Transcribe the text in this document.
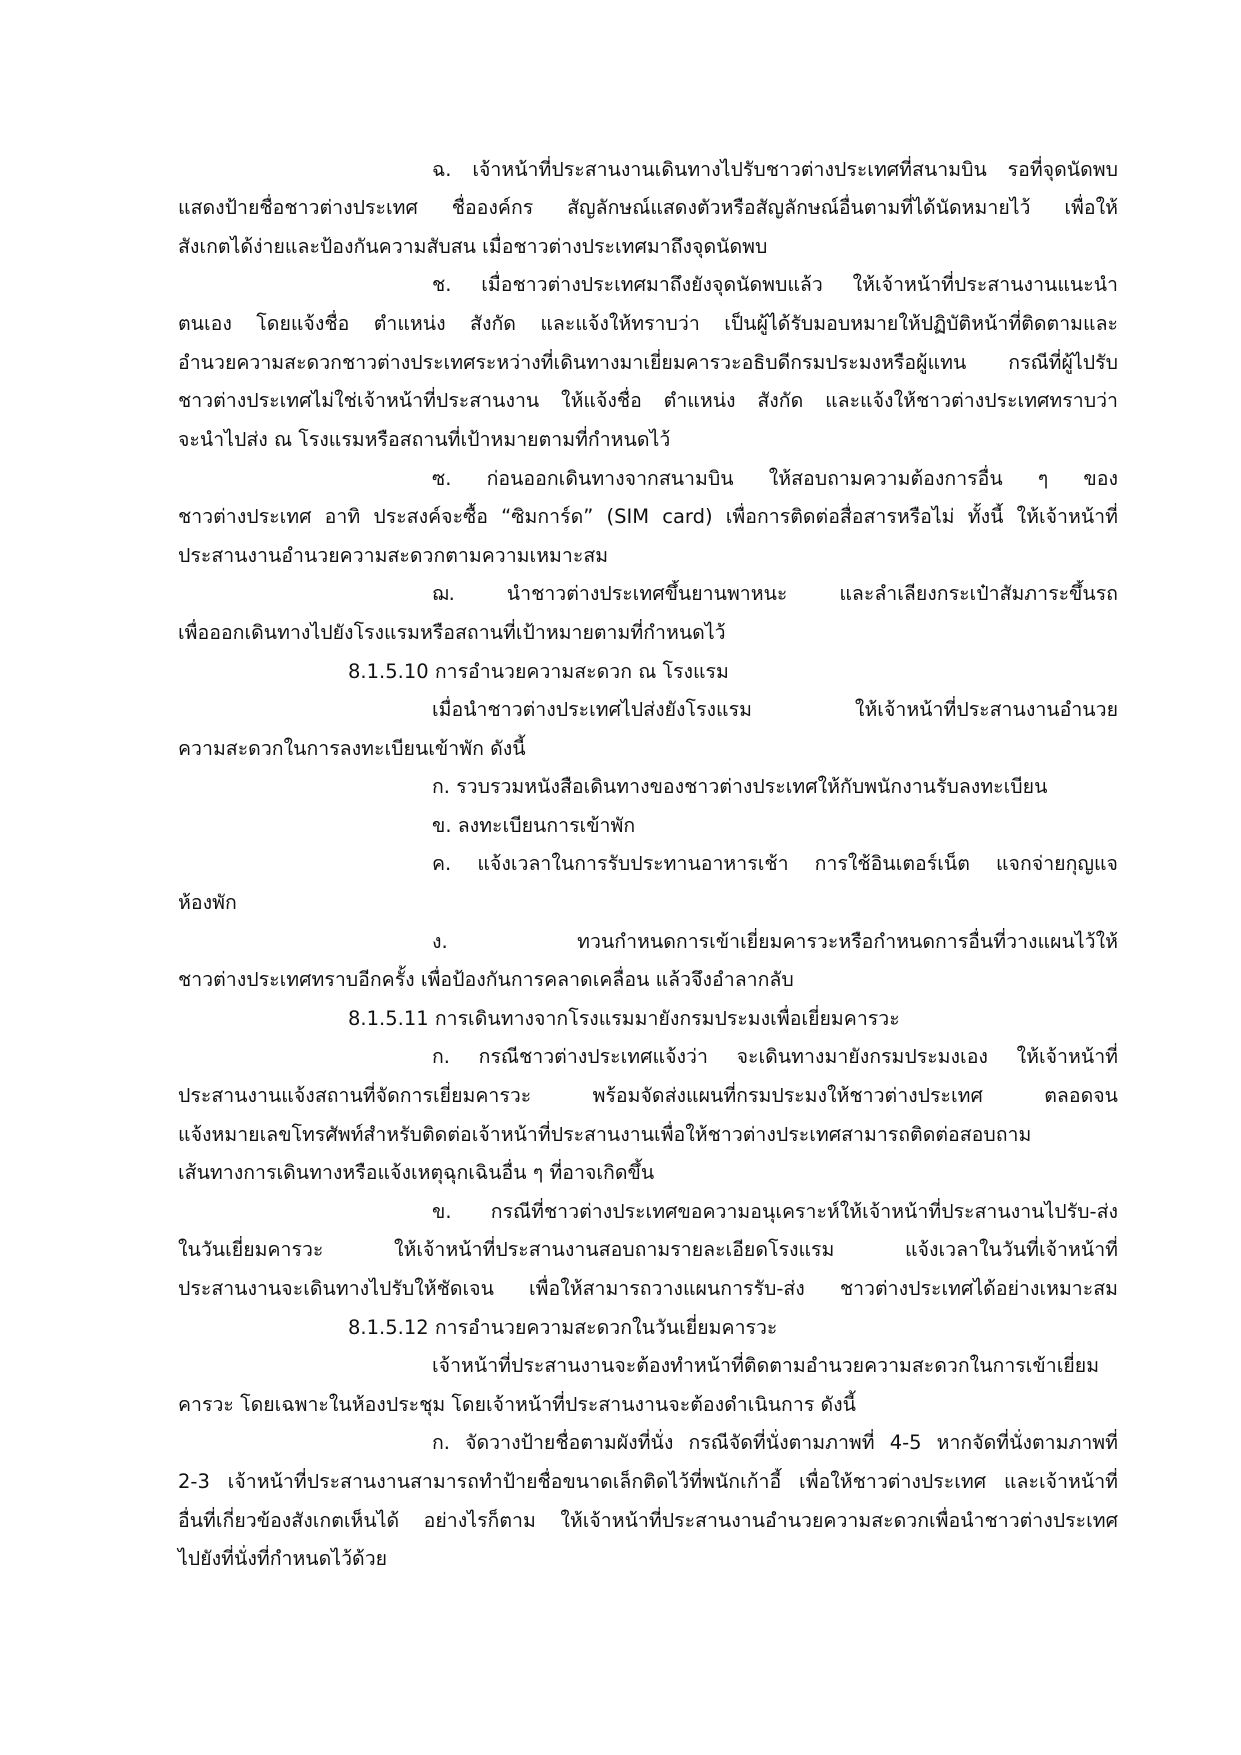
ฉ. เจ้าหน้าที่ประสานงานเดินทางไปรับชาวต่างประเทศที่สนามบิน รอที่จุดนัดพบ
แสดงป้ายชื่อชาวต่างประเทศ ชื่อองค์กร สัญลักษณ์แสดงตัวหรือสัญลักษณ์อื่นตามที่ได้นัดหมายไว้ เพื่อให้
สังเกตได้ง่ายและป้องกันความสับสน เมื่อชาวต่างประเทศมาถึงจุดนัดพบ
ช. เมื่อชาวต่างประเทศมาถึงยังจุดนัดพบแล้ว ให้เจ้าหน้าที่ประสานงานแนะนำ
ตนเอง โดยแจ้งชื่อ ตำแหน่ง สังกัด และแจ้งให้ทราบว่า เป็นผู้ได้รับมอบหมายให้ปฏิบัติหน้าที่ติดตามและ
อำนวยความสะดวกชาวต่างประเทศระหว่างที่เดินทางมาเยี่ยมคารวะอธิบดีกรมประมงหรือผู้แทน กรณีที่ผู้ไปรับ
ชาวต่างประเทศไม่ใช่เจ้าหน้าที่ประสานงาน ให้แจ้งชื่อ ตำแหน่ง สังกัด และแจ้งให้ชาวต่างประเทศทราบว่า
จะนำไปส่ง ณ โรงแรมหรือสถานที่เป้าหมายตามที่กำหนดไว้
ซ. ก่อนออกเดินทางจากสนามบิน ให้สอบถามความต้องการอื่น ๆ ของ
ชาวต่างประเทศ อาทิ ประสงค์จะซื้อ “ซิมการ์ด” (SIM card) เพื่อการติดต่อสื่อสารหรือไม่ ทั้งนี้ ให้เจ้าหน้าที่
ประสานงานอำนวยความสะดวกตามความเหมาะสม
ฌ. นำชาวต่างประเทศขึ้นยานพาหนะ และลำเลียงกระเป๋าสัมภาระขึ้นรถ
เพื่อออกเดินทางไปยังโรงแรมหรือสถานที่เป้าหมายตามที่กำหนดไว้
8.1.5.10 การอำนวยความสะดวก ณ โรงแรม
เมื่อนำชาวต่างประเทศไปส่งยังโรงแรม ให้เจ้าหน้าที่ประสานงานอำนวย
ความสะดวกในการลงทะเบียนเข้าพัก ดังนี้
ก. รวบรวมหนังสือเดินทางของชาวต่างประเทศให้กับพนักงานรับลงทะเบียน
ข. ลงทะเบียนการเข้าพัก
ค. แจ้งเวลาในการรับประทานอาหารเช้า การใช้อินเตอร์เน็ต แจกจ่ายกุญแจ
ห้องพัก
ง. ทวนกำหนดการเข้าเยี่ยมคารวะหรือกำหนดการอื่นที่วางแผนไว้ให้
ชาวต่างประเทศทราบอีกครั้ง เพื่อป้องกันการคลาดเคลื่อน แล้วจึงอำลากลับ
8.1.5.11 การเดินทางจากโรงแรมมายังกรมประมงเพื่อเยี่ยมคารวะ
ก. กรณีชาวต่างประเทศแจ้งว่า จะเดินทางมายังกรมประมงเอง ให้เจ้าหน้าที่
ประสานงานแจ้งสถานที่จัดการเยี่ยมคารวะ พร้อมจัดส่งแผนที่กรมประมงให้ชาวต่างประเทศ ตลอดจน
แจ้งหมายเลขโทรศัพท์สำหรับติดต่อเจ้าหน้าที่ประสานงานเพื่อให้ชาวต่างประเทศสามารถติดต่อสอบถาม
เส้นทางการเดินทางหรือแจ้งเหตุฉุกเฉินอื่น ๆ ที่อาจเกิดขึ้น
ข. กรณีที่ชาวต่างประเทศขอความอนุเคราะห์ให้เจ้าหน้าที่ประสานงานไปรับ-ส่ง
ในวันเยี่ยมคารวะ ให้เจ้าหน้าที่ประสานงานสอบถามรายละเอียดโรงแรม แจ้งเวลาในวันที่เจ้าหน้าที่
ประสานงานจะเดินทางไปรับให้ชัดเจน เพื่อให้สามารถวางแผนการรับ-ส่ง ชาวต่างประเทศได้อย่างเหมาะสม
8.1.5.12 การอำนวยความสะดวกในวันเยี่ยมคารวะ
เจ้าหน้าที่ประสานงานจะต้องทำหน้าที่ติดตามอำนวยความสะดวกในการเข้าเยี่ยม
คารวะ โดยเฉพาะในห้องประชุม โดยเจ้าหน้าที่ประสานงานจะต้องดำเนินการ ดังนี้
ก. จัดวางป้ายชื่อตามผังที่นั่ง กรณีจัดที่นั่งตามภาพที่ 4-5 หากจัดที่นั่งตามภาพที่
2-3 เจ้าหน้าที่ประสานงานสามารถทำป้ายชื่อขนาดเล็กติดไว้ที่พนักเก้าอี้ เพื่อให้ชาวต่างประเทศ และเจ้าหน้าที่
อื่นที่เกี่ยวข้องสังเกตเห็นได้ อย่างไรก็ตาม ให้เจ้าหน้าที่ประสานงานอำนวยความสะดวกเพื่อนำชาวต่างประเทศ
ไปยังที่นั่งที่กำหนดไว้ด้วย
